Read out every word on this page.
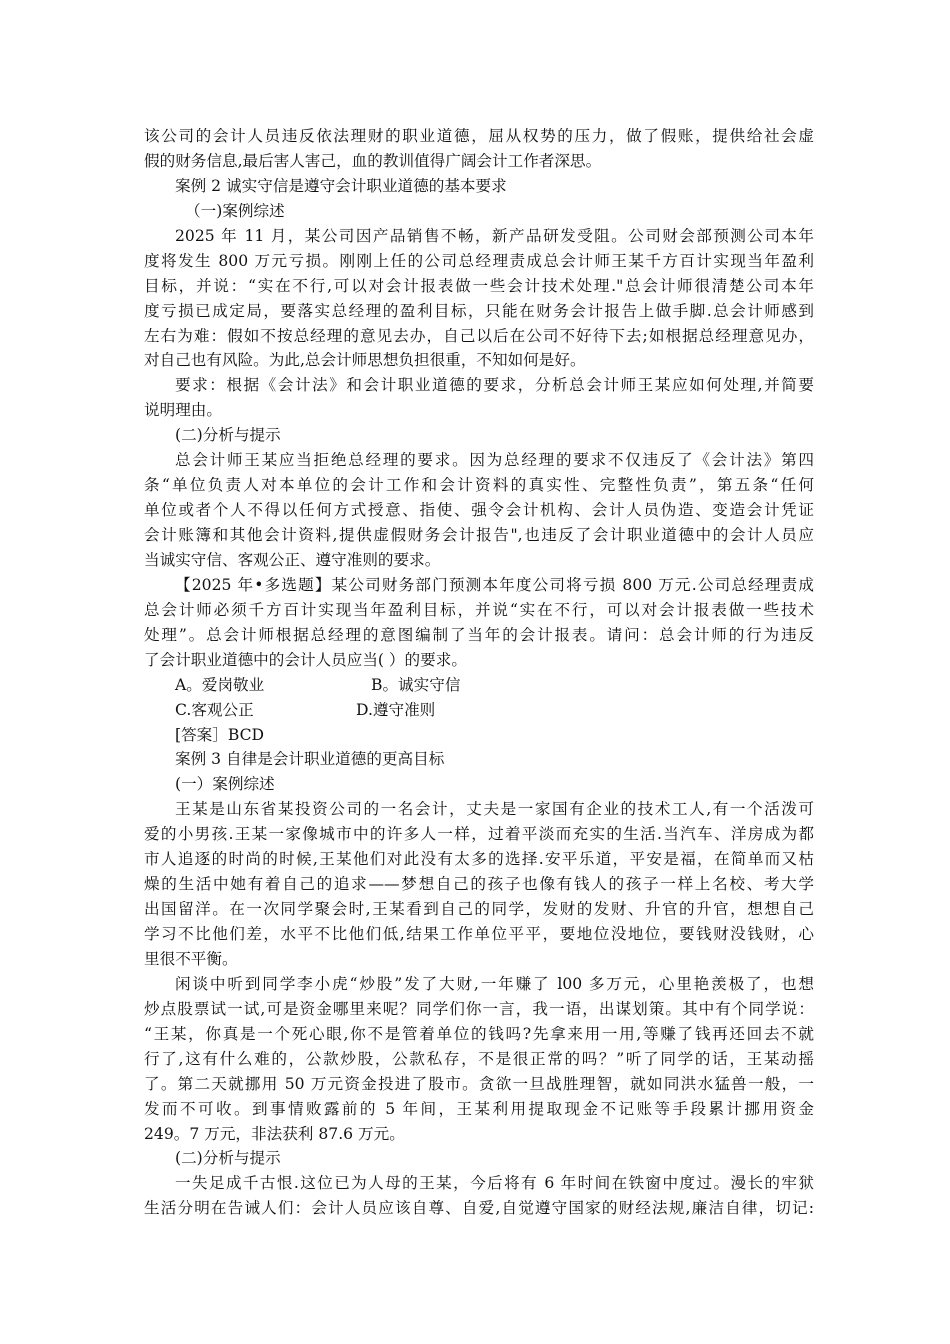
该公司的会计人员违反依法理财的职业道德，屈从权势的压力，做了假账，提供给社会虚
假的财务信息,最后害人害己，血的教训值得广阔会计工作者深思。
案例 2 诚实守信是遵守会计职业道德的基本要求
（一)案例综述
2025 年 11 月，某公司因产品销售不畅，新产品研发受阻。公司财会部预测公司本年
度将发生 800 万元亏损。刚刚上任的公司总经理责成总会计师王某千方百计实现当年盈利
目标，并说：“实在不行,可以对会计报表做一些会计技术处理."总会计师很清楚公司本年
度亏损已成定局，要落实总经理的盈利目标，只能在财务会计报告上做手脚.总会计师感到
左右为难：假如不按总经理的意见去办，自己以后在公司不好待下去;如根据总经理意见办，
对自己也有风险。为此,总会计师思想负担很重，不知如何是好。
要求：根据《会计法》和会计职业道德的要求，分析总会计师王某应如何处理,并简要
说明理由。
(二)分析与提示
总会计师王某应当拒绝总经理的要求。因为总经理的要求不仅违反了《会计法》第四
条“单位负责人对本单位的会计工作和会计资料的真实性、完整性负责”，第五条“任何
单位或者个人不得以任何方式授意、指使、强令会计机构、会计人员伪造、变造会计凭证
会计账簿和其他会计资料,提供虚假财务会计报告",也违反了会计职业道德中的会计人员应
当诚实守信、客观公正、遵守准则的要求。
【2025 年•多选题】某公司财务部门预测本年度公司将亏损 800 万元.公司总经理责成
总会计师必须千方百计实现当年盈利目标，并说“实在不行，可以对会计报表做一些技术
处理”。总会计师根据总经理的意图编制了当年的会计报表。请问：总会计师的行为违反
了会计职业道德中的会计人员应当( ）的要求。
A。爱岗敬业	B。诚实守信
C.客观公正	D.遵守准则
[答案］BCD
案例 3 自律是会计职业道德的更高目标
(一）案例综述
王某是山东省某投资公司的一名会计，丈夫是一家国有企业的技术工人,有一个活泼可
爱的小男孩.王某一家像城市中的许多人一样，过着平淡而充实的生活.当汽车、洋房成为都
市人追逐的时尚的时候,王某他们对此没有太多的选择.安平乐道，平安是福，在简单而又枯
燥的生活中她有着自己的追求——梦想自己的孩子也像有钱人的孩子一样上名校、考大学
出国留洋。在一次同学聚会时,王某看到自己的同学，发财的发财、升官的升官，想想自己
学习不比他们差，水平不比他们低,结果工作单位平平，要地位没地位，要钱财没钱财，心
里很不平衡。
闲谈中听到同学李小虎“炒股”发了大财,一年赚了 l00 多万元，心里艳羡极了，也想
炒点股票试一试,可是资金哪里来呢？同学们你一言，我一语，出谋划策。其中有个同学说：
“王某，你真是一个死心眼,你不是管着单位的钱吗?先拿来用一用,等赚了钱再还回去不就
行了,这有什么难的，公款炒股，公款私存，不是很正常的吗？”听了同学的话，王某动摇
了。第二天就挪用 50 万元资金投进了股市。贪欲一旦战胜理智，就如同洪水猛兽一般，一
发而不可收。到事情败露前的 5 年间，王某利用提取现金不记账等手段累计挪用资金
249。7 万元，非法获利 87.6 万元。
(二)分析与提示
一失足成千古恨.这位已为人母的王某，今后将有 6 年时间在铁窗中度过。漫长的牢狱
生活分明在告诫人们：会计人员应该自尊、自爱,自觉遵守国家的财经法规,廉洁自律，切记:
